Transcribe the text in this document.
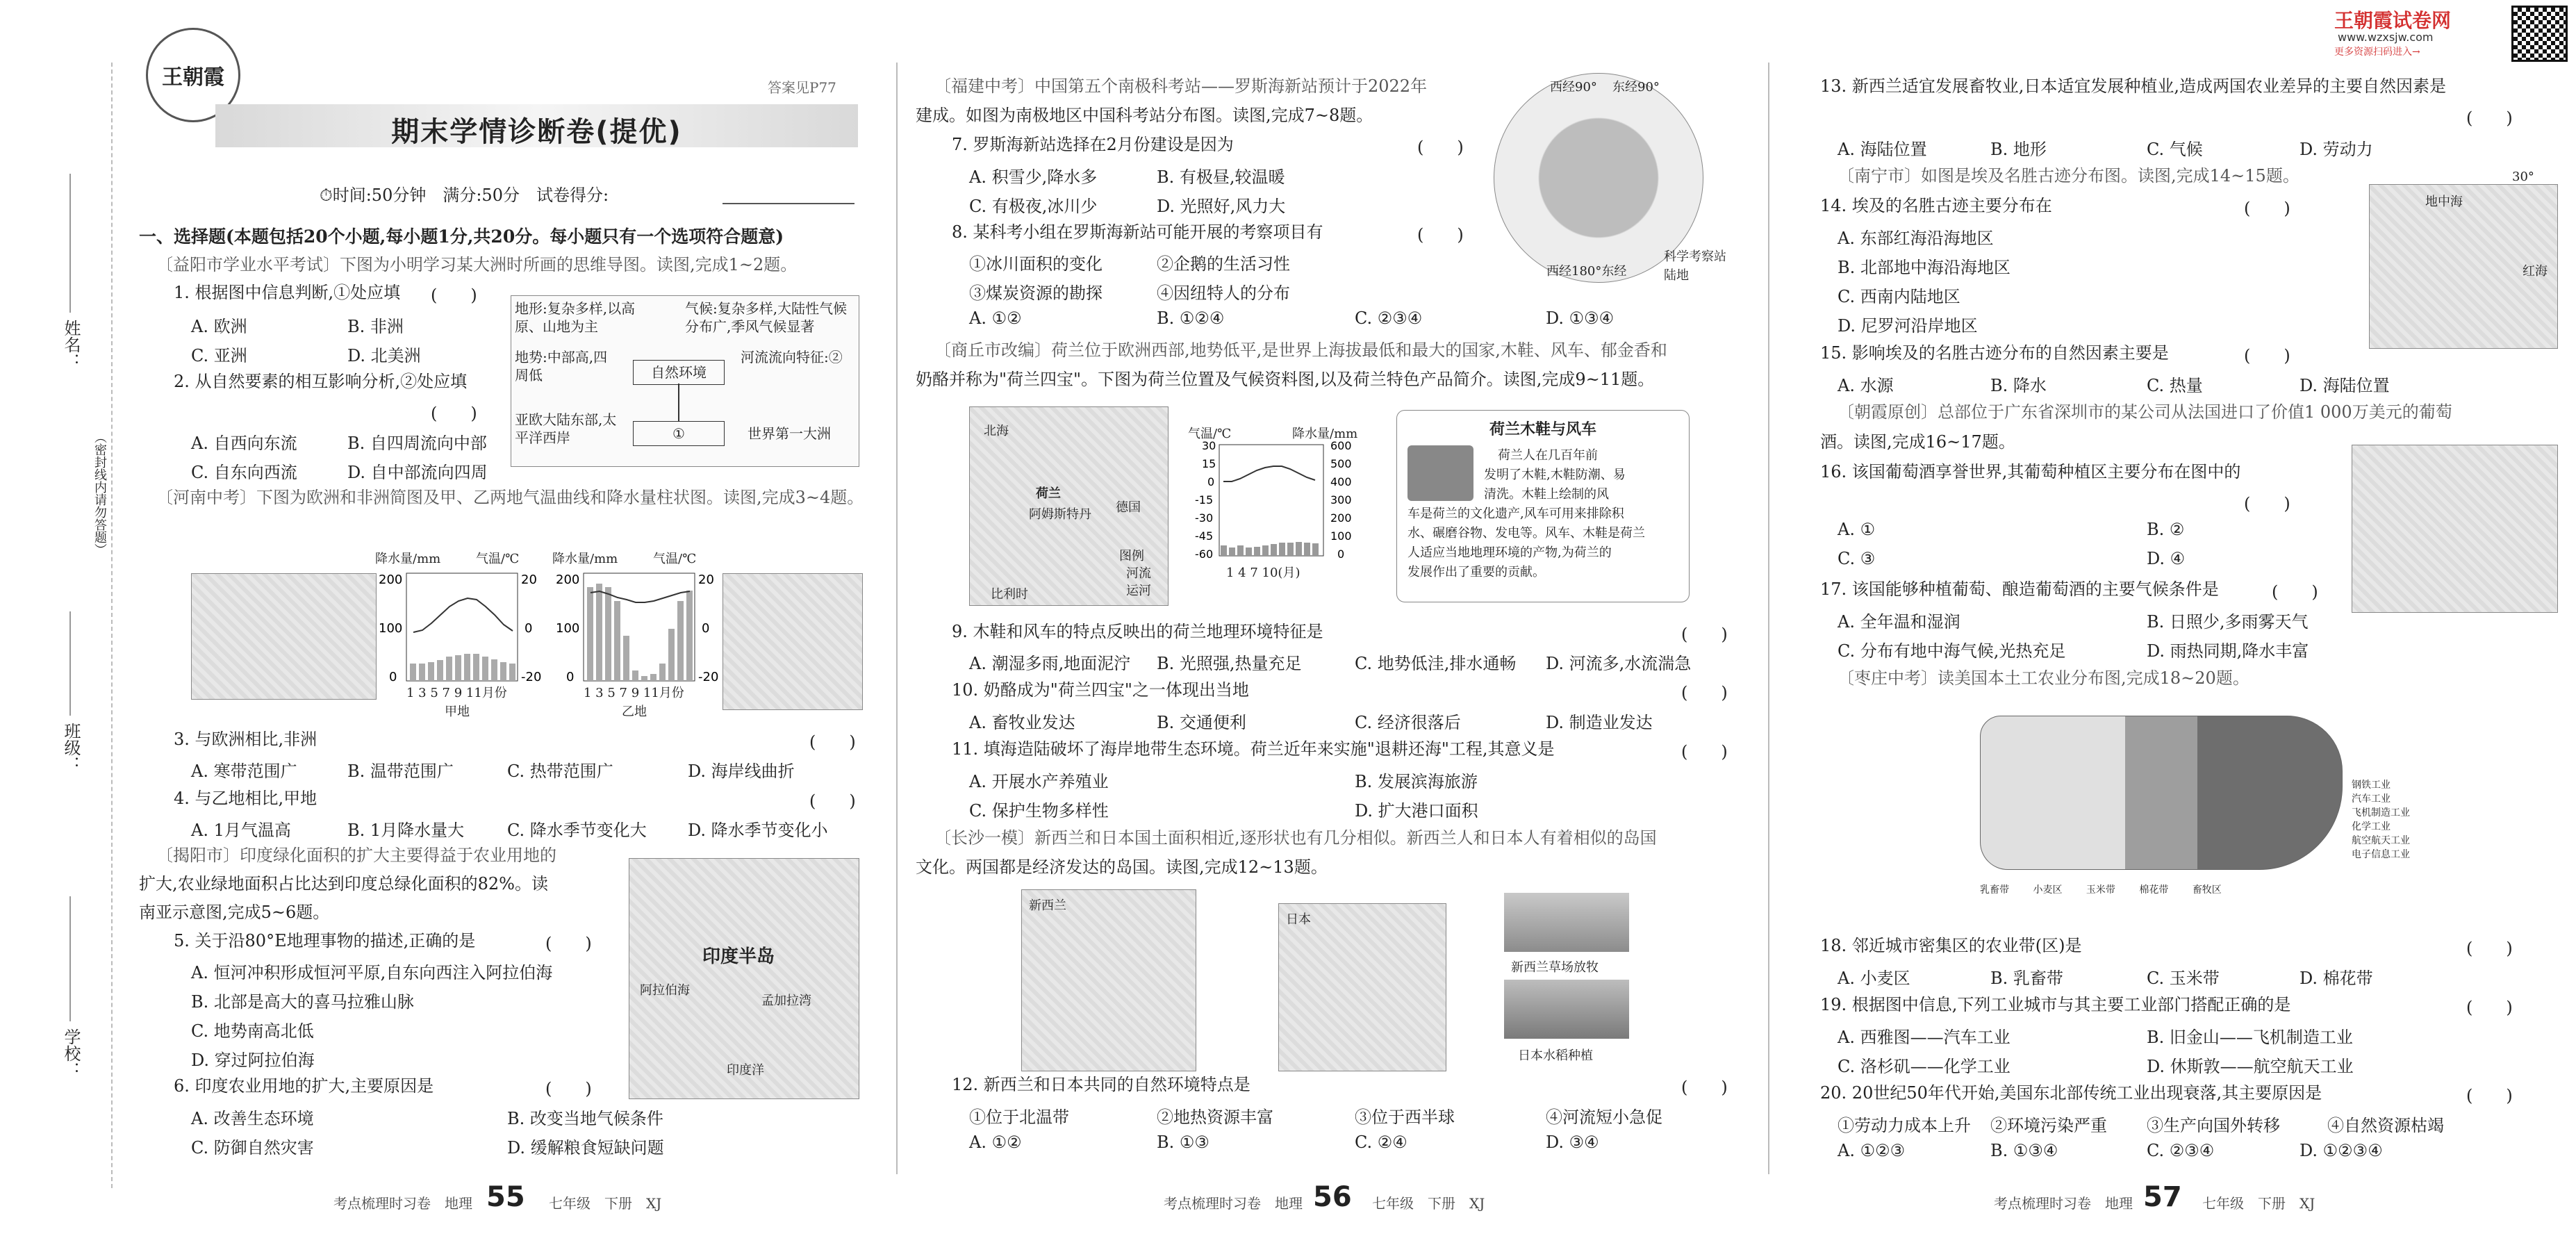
姓名：
班级：
学校：
（密封线内请勿答题）
王朝霞	答案见P77
期末学情诊断卷(提优)
⏱时间:50分钟　满分:50分　试卷得分:
一、选择题(本题包括20个小题,每小题1分,共20分。每小题只有一个选项符合题意)
〔益阳市学业水平考试〕下图为小明学习某大洲时所画的思维导图。读图,完成1~2题。
1. 根据图中信息判断,①处应填 (　　)
A. 欧洲	B. 非洲
C. 亚洲	D. 北美洲
2. 从自然要素的相互影响分析,②处应填
(　　)
A. 自西向东流	B. 自四周流向中部
C. 自东向西流	D. 自中部流向四周
地形:复杂多样,以高原、山地为主
气候:复杂多样,大陆性气候分布广,季风气候显著
地势:中部高,四周低	自然环境
河流流向特征:②
亚欧大陆东部,太平洋西岸	①	世界第一大洲
〔河南中考〕下图为欧洲和非洲简图及甲、乙两地气温曲线和降水量柱状图。读图,完成3~4题。
降水量/mm	气温/℃
200
100
0
20
0
-20
1 3 5 7 9 11月份
甲地
降水量/mm	气温/℃
200
100
0
20
0
-20
1 3 5 7 9 11月份
乙地
3. 与欧洲相比,非洲	(　　)
A. 寒带范围广	B. 温带范围广	C. 热带范围广	D. 海岸线曲折
4. 与乙地相比,甲地	(　　)
A. 1月气温高	B. 1月降水量大	C. 降水季节变化大 D. 降水季节变化小
〔揭阳市〕印度绿化面积的扩大主要得益于农业用地的
扩大,农业绿地面积占比达到印度总绿化面积的82%。读
南亚示意图,完成5~6题。
印度半岛
阿拉伯海
孟加拉湾
印度洋
5. 关于沿80°E地理事物的描述,正确的是	(　　)
A. 恒河冲积形成恒河平原,自东向西注入阿拉伯海
B. 北部是高大的喜马拉雅山脉
C. 地势南高北低
D. 穿过阿拉伯海
6. 印度农业用地的扩大,主要原因是	(　　)
A. 改善生态环境	B. 改变当地气候条件
C. 防御自然灾害	D. 缓解粮食短缺问题
考点梳理时习卷　地理 55 七年级　下册　XJ
〔福建中考〕中国第五个南极科考站——罗斯海新站预计于2022年
建成。如图为南极地区中国科考站分布图。读图,完成7~8题。
西经90° 东经90°
西经180°东经
科学考察站
陆地
7. 罗斯海新站选择在2月份建设是因为	(　　)
A. 积雪少,降水多	B. 有极昼,较温暖
C. 有极夜,冰川少	D. 光照好,风力大
8. 某科考小组在罗斯海新站可能开展的考察项目有	(　　)
①冰川面积的变化	②企鹅的生活习性
③煤炭资源的勘探	④因纽特人的分布
A. ①②	B. ①②④	C. ②③④	D. ①③④
〔商丘市改编〕荷兰位于欧洲西部,地势低平,是世界上海拔最低和最大的国家,木鞋、风车、郁金香和
奶酪并称为"荷兰四宝"。下图为荷兰位置及气候资料图,以及荷兰特色产品简介。读图,完成9~11题。
北海
荷兰
阿姆斯特丹 德国
比利时
图例
河流
运河
气温/℃	降水量/mm
30
15
0
-15
-30
-45
-60
600
500
400
300
200
100
0
1 4 7 10(月)
荷兰木鞋与风车
荷兰人在几百年前
发明了木鞋,木鞋防潮、易
清洗。木鞋上绘制的风
车是荷兰的文化遗产,风车可用来排除积
水、碾磨谷物、发电等。风车、木鞋是荷兰
人适应当地地理环境的产物,为荷兰的
发展作出了重要的贡献。
9. 木鞋和风车的特点反映出的荷兰地理环境特征是	(　　)
A. 潮湿多雨,地面泥泞 B. 光照强,热量充足	C. 地势低洼,排水通畅 D. 河流多,水流湍急
10. 奶酪成为"荷兰四宝"之一体现出当地	(　　)
A. 畜牧业发达	B. 交通便利	C. 经济很落后	D. 制造业发达
11. 填海造陆破坏了海岸地带生态环境。荷兰近年来实施"退耕还海"工程,其意义是	(　　)
A. 开展水产养殖业	B. 发展滨海旅游
C. 保护生物多样性	D. 扩大港口面积
〔长沙一模〕新西兰和日本国土面积相近,逐形状也有几分相似。新西兰人和日本人有着相似的岛国
文化。两国都是经济发达的岛国。读图,完成12~13题。
新西兰
日本
新西兰草场放牧
日本水稻种植
12. 新西兰和日本共同的自然环境特点是	(　　)
①位于北温带	②地热资源丰富	③位于西半球	④河流短小急促
A. ①②	B. ①③	C. ②④	D. ③④
考点梳理时习卷　地理 56 七年级　下册　XJ
王朝霞试卷网
www.wzxsjw.com
更多资源扫码进入→
13. 新西兰适宜发展畜牧业,日本适宜发展种植业,造成两国农业差异的主要自然因素是
(　　)
A. 海陆位置	B. 地形	C. 气候	D. 劳动力
〔南宁市〕如图是埃及名胜古迹分布图。读图,完成14~15题。
地中海
红海
30°
14. 埃及的名胜古迹主要分布在	(　　)
A. 东部红海沿海地区
B. 北部地中海沿海地区
C. 西南内陆地区
D. 尼罗河沿岸地区
15. 影响埃及的名胜古迹分布的自然因素主要是	(　　)
A. 水源	B. 降水	C. 热量	D. 海陆位置
〔朝霞原创〕总部位于广东省深圳市的某公司从法国进口了价值1 000万美元的葡萄
酒。读图,完成16~17题。
16. 该国葡萄酒享誉世界,其葡萄种植区主要分布在图中的
(　　)
A. ①	B. ②
C. ③	D. ④
17. 该国能够种植葡萄、酿造葡萄酒的主要气候条件是	(　　)
A. 全年温和湿润	B. 日照少,多雨雾天气
C. 分布有地中海气候,光热充足	D. 雨热同期,降水丰富
〔枣庄中考〕读美国本土工农业分布图,完成18~20题。
钢铁工业
汽车工业
飞机制造工业
化学工业
航空航天工业
电子信息工业
乳畜带 小麦区 玉米带 棉花带 畜牧区
18. 邻近城市密集区的农业带(区)是	(　　)
A. 小麦区	B. 乳畜带	C. 玉米带	D. 棉花带
19. 根据图中信息,下列工业城市与其主要工业部门搭配正确的是	(　　)
A. 西雅图——汽车工业	B. 旧金山——飞机制造工业
C. 洛杉矶——化学工业	D. 休斯敦——航空航天工业
20. 20世纪50年代开始,美国东北部传统工业出现衰落,其主要原因是	(　　)
①劳动力成本上升 ②环境污染严重 ③生产向国外转移	④自然资源枯竭
A. ①②③	B. ①③④	C. ②③④	D. ①②③④
考点梳理时习卷　地理 57 七年级　下册　XJ
